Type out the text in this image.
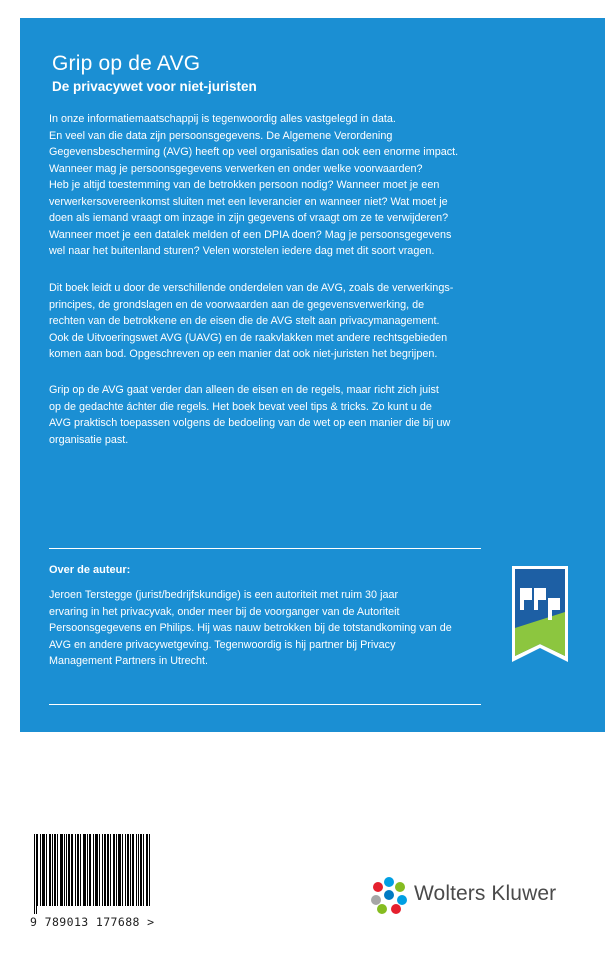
Grip op de AVG
De privacywet voor niet-juristen

In onze informatiemaatschappij is tegenwoordig alles vastgelegd in data.
En veel van die data zijn persoonsgegevens. De Algemene Verordening
Gegevensbescherming (AVG) heeft op veel organisaties dan ook een enorme impact.
Wanneer mag je persoonsgegevens verwerken en onder welke voorwaarden?
Heb je altijd toestemming van de betrokken persoon nodig? Wanneer moet je een
verwerkersovereenkomst sluiten met een leverancier en wanneer niet? Wat moet je
doen als iemand vraagt om inzage in zijn gegevens of vraagt om ze te verwijderen?
Wanneer moet je een datalek melden of een DPIA doen? Mag je persoonsgegevens
wel naar het buitenland sturen? Velen worstelen iedere dag met dit soort vragen.

Dit boek leidt u door de verschillende onderdelen van de AVG, zoals de verwerkings-
principes, de grondslagen en de voorwaarden aan de gegevensverwerking, de
rechten van de betrokkene en de eisen die de AVG stelt aan privacymanagement.
Ook de Uitvoeringswet AVG (UAVG) en de raakvlakken met andere rechtsgebieden
komen aan bod. Opgeschreven op een manier dat ook niet-juristen het begrijpen.

Grip op de AVG gaat verder dan alleen de eisen en de regels, maar richt zich juist
op de gedachte áchter die regels. Het boek bevat veel tips & tricks. Zo kunt u de
AVG praktisch toepassen volgens de bedoeling van de wet op een manier die bij uw
organisatie past.

Over de auteur:

Jeroen Terstegge (jurist/bedrijfskundige) is een autoriteit met ruim 30 jaar
ervaring in het privacyvak, onder meer bij de voorganger van de Autoriteit
Persoonsgegevens en Philips. Hij was nauw betrokken bij de totstandkoming van de
AVG en andere privacywetgeving. Tegenwoordig is hij partner bij Privacy
Management Partners in Utrecht.

9 789013 177688 >

Wolters Kluwer
